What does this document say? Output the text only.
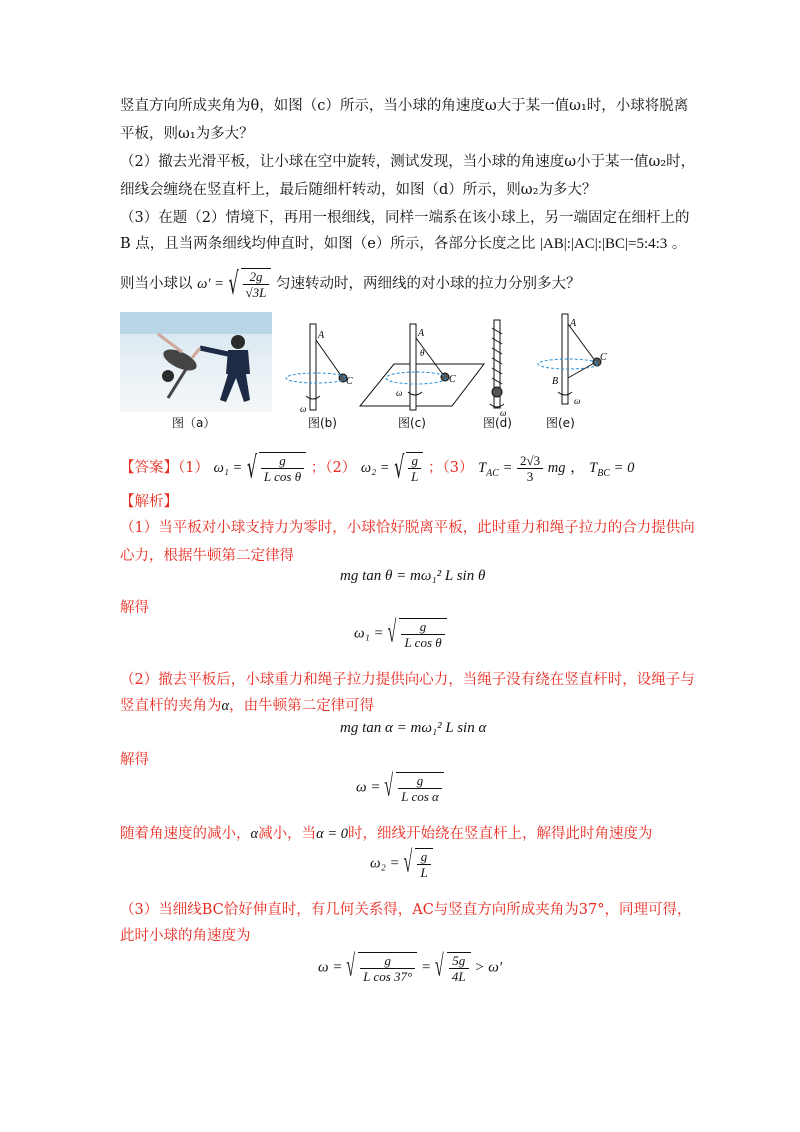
竖直方向所成夹角为θ，如图（c）所示，当小球的角速度ω大于某一值ω₁时，小球将脱离
平板，则ω₁为多大？
（2）撤去光滑平板，让小球在空中旋转，测试发现，当小球的角速度ω小于某一值ω₂时，
细线会缠绕在竖直杆上，最后随细杆转动，如图（d）所示，则ω₂为多大？
（3）在题（2）情境下，再用一根细线，同样一端系在该小球上，另一端固定在细杆上的
B 点，且当两条细线均伸直时，如图（e）所示，各部分长度之比 |AB|:|AC|:|BC|=5:4:3 。
则当小球以 ω′ = √ $\frac{2g}{√3L}$ 匀速转动时，两细线的对小球的拉力分别多大？
图（a）
A
C
ω
图(b)
A
θ
C
ω
图(c)
ω
图(d)
A
C
B
ω
图(e)
【答案】（1） ω₁ = √ $\frac{g}{\text{L cos θ}}$ ；（2） ω₂ = √ $\frac{g}{L}$ ；（3） $T_{AC} = \frac{2√3}{3}$ mg ， $T_{BC} = 0$
【解析】
（1）当平板对小球支持力为零时，小球恰好脱离平板，此时重力和绳子拉力的合力提供向
心力，根据牛顿第二定律得
mg tan θ = mω₁² L sin θ
解得
ω₁ = √ $\frac{g}{\text{L cos θ}}$
（2）撤去平板后，小球重力和绳子拉力提供向心力，当绳子没有绕在竖直杆时，设绳子与
竖直杆的夹角为α，由牛顿第二定律可得
mg tan α = mω₁² L sin α
解得
ω = √ $\frac{g}{\text{L cos α}}$
随着角速度的减小，α减小，当α = 0时，细线开始绕在竖直杆上，解得此时角速度为
ω₂ = √ $\frac{g}{L}$
（3）当细线BC恰好伸直时，有几何关系得，AC与竖直方向所成夹角为37°，同理可得，
此时小球的角速度为
ω = √ $\frac{g}{\text{L cos 37°}}$ = √ $\frac{5g}{4L} > \omega'$
